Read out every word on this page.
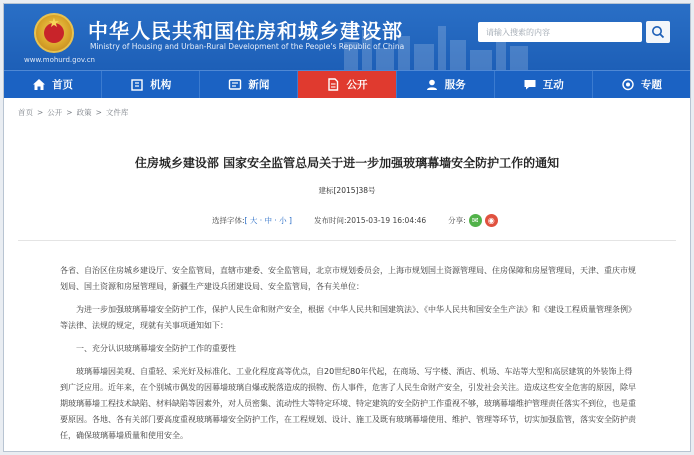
★
www.mohurd.gov.cn
中华人民共和国住房和城乡建设部
Ministry of Housing and Urban-Rural Development of the People's Republic of China
请输入搜索的内容
首页	机构	新闻	公开	服务	互动	专题
首页 > 公开 > 政策 > 文件库
住房城乡建设部 国家安全监管总局关于进一步加强玻璃幕墙安全防护工作的通知
建标[2015]38号
选择字体: [ 大 · 中 · 小 ]	发布时间: 2015-03-19 16:04:46	分享: ✉	◉

各省、自治区住房城乡建设厅、安全监管局，直辖市建委、安全监管局，北京市规划委员会，上海市规划国土资源管理局、住房保障和房屋管理局，天津、重庆市规划局、国土资源和房屋管理局，新疆生产建设兵团建设局、安全监管局，各有关单位：

为进一步加强玻璃幕墙安全防护工作，保护人民生命和财产安全，根据《中华人民共和国建筑法》、《中华人民共和国安全生产法》和《建设工程质量管理条例》等法律、法规的规定，现就有关事项通知如下：

一、充分认识玻璃幕墙安全防护工作的重要性

玻璃幕墙因美观、自重轻、采光好及标准化、工业化程度高等优点，自20世纪80年代起，在商场、写字楼、酒店、机场、车站等大型和高层建筑的外装饰上得到广泛应用。近年来，在个别城市偶发的因幕墙玻璃自爆或脱落造成的损物、伤人事件，危害了人民生命财产安全，引发社会关注。造成这些安全危害的原因，除早期玻璃幕墙工程技术缺陷、材料缺陷等因素外，对人员密集、流动性大等特定环境、特定建筑的安全防护工作重视不够，玻璃幕墙维护管理责任落实不到位，也是重要原因。各地、各有关部门要高度重视玻璃幕墙安全防护工作，在工程规划、设计、施工及既有玻璃幕墙使用、维护、管理等环节，切实加强监管，落实安全防护责任，确保玻璃幕墙质量和使用安全。
